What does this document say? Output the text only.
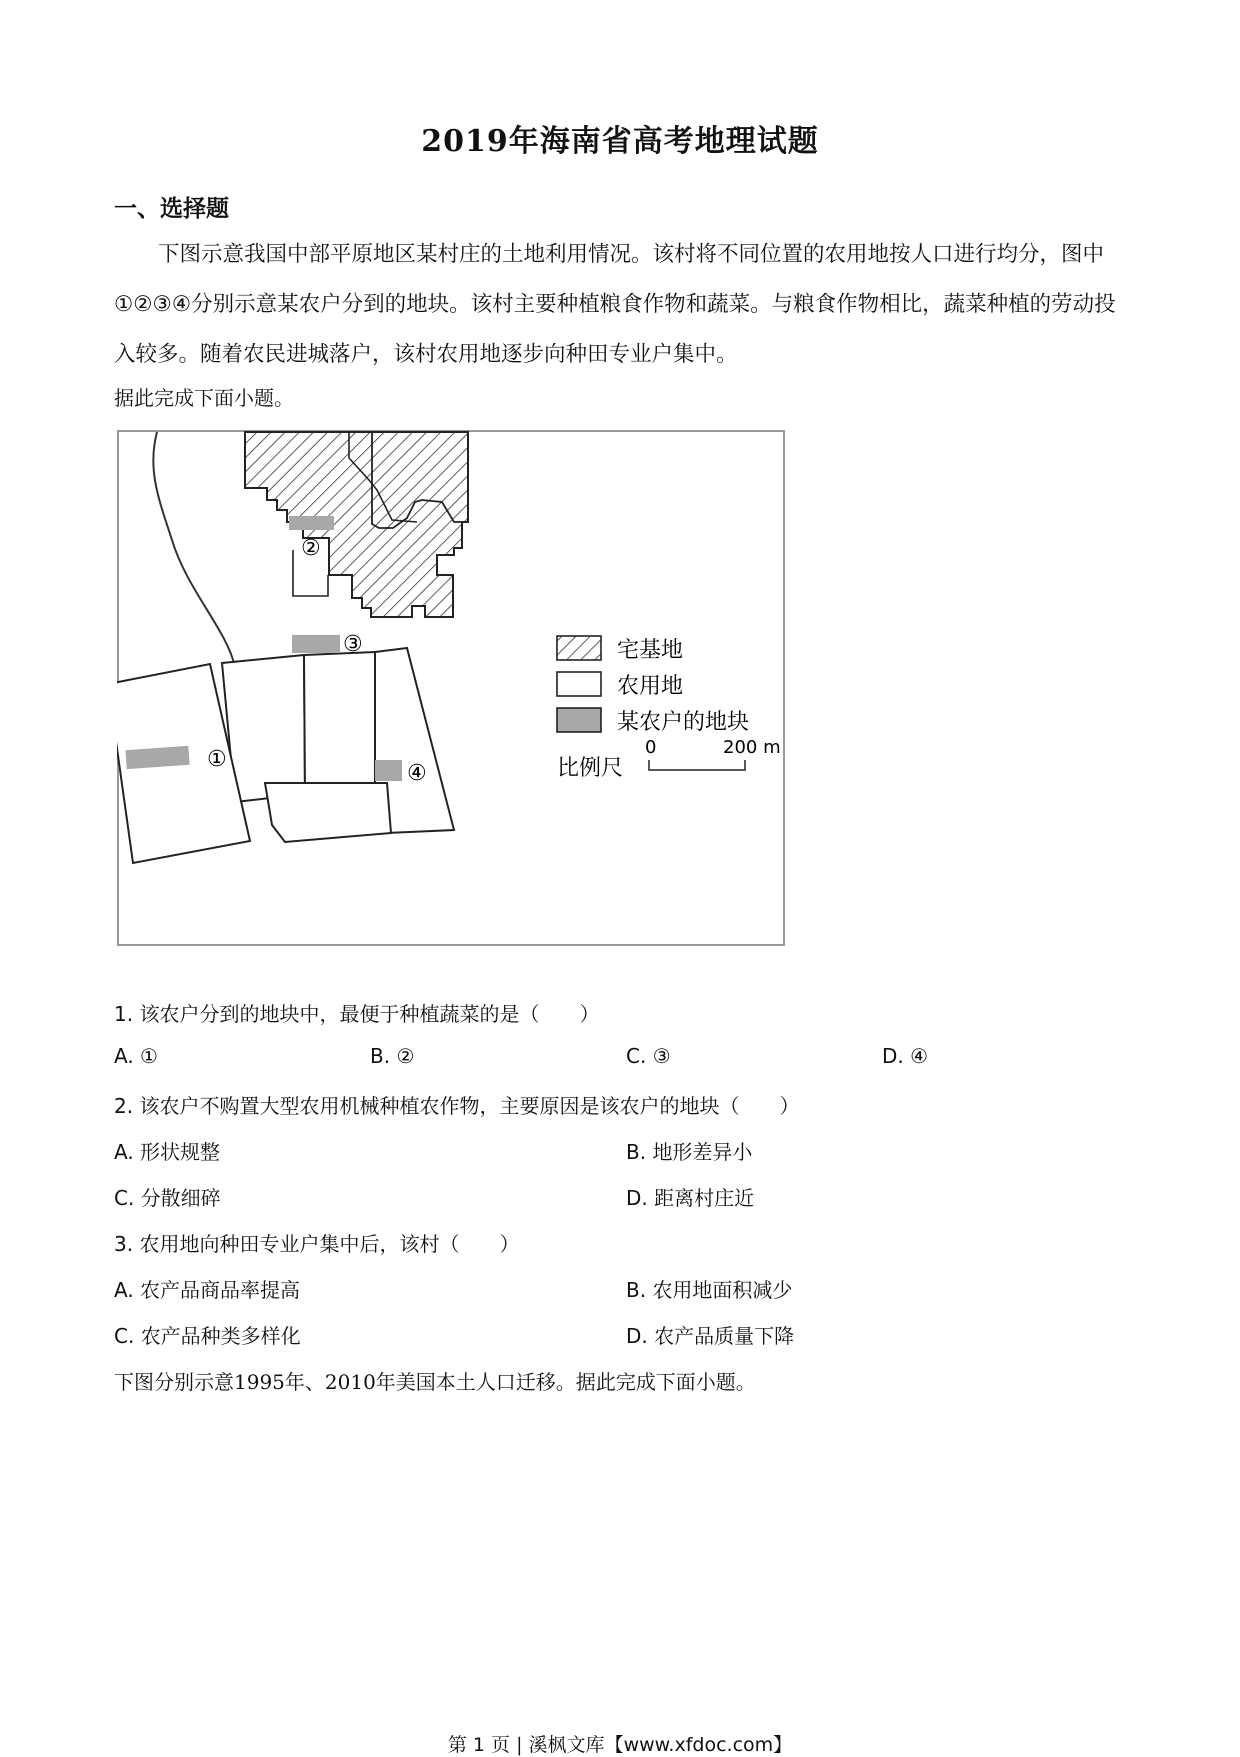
2019年海南省高考地理试题
一、选择题

下图示意我国中部平原地区某村庄的土地利用情况。该村将不同位置的农用地按人口进行均分，图中①②③④分别示意某农户分到的地块。该村主要种植粮食作物和蔬菜。与粮食作物相比，蔬菜种植的劳动投入较多。随着农民进城落户，该村农用地逐步向种田专业户集中。

据此完成下面小题。
①
②
③
④
宅基地
农用地
某农户的地块
比例尺
0	200 m
1. 该农户分到的地块中，最便于种植蔬菜的是（　　）
A. ①	B. ②	C. ③	D. ④
2. 该农户不购置大型农用机械种植农作物，主要原因是该农户的地块（　　）
A. 形状规整	B. 地形差异小
C. 分散细碎	D. 距离村庄近
3. 农用地向种田专业户集中后，该村（　　）
A. 农产品商品率提高	B. 农用地面积减少
C. 农产品种类多样化	D. 农产品质量下降
下图分别示意1995年、2010年美国本土人口迁移。据此完成下面小题。
第 1 页 | 溪枫文库【www.xfdoc.com】
